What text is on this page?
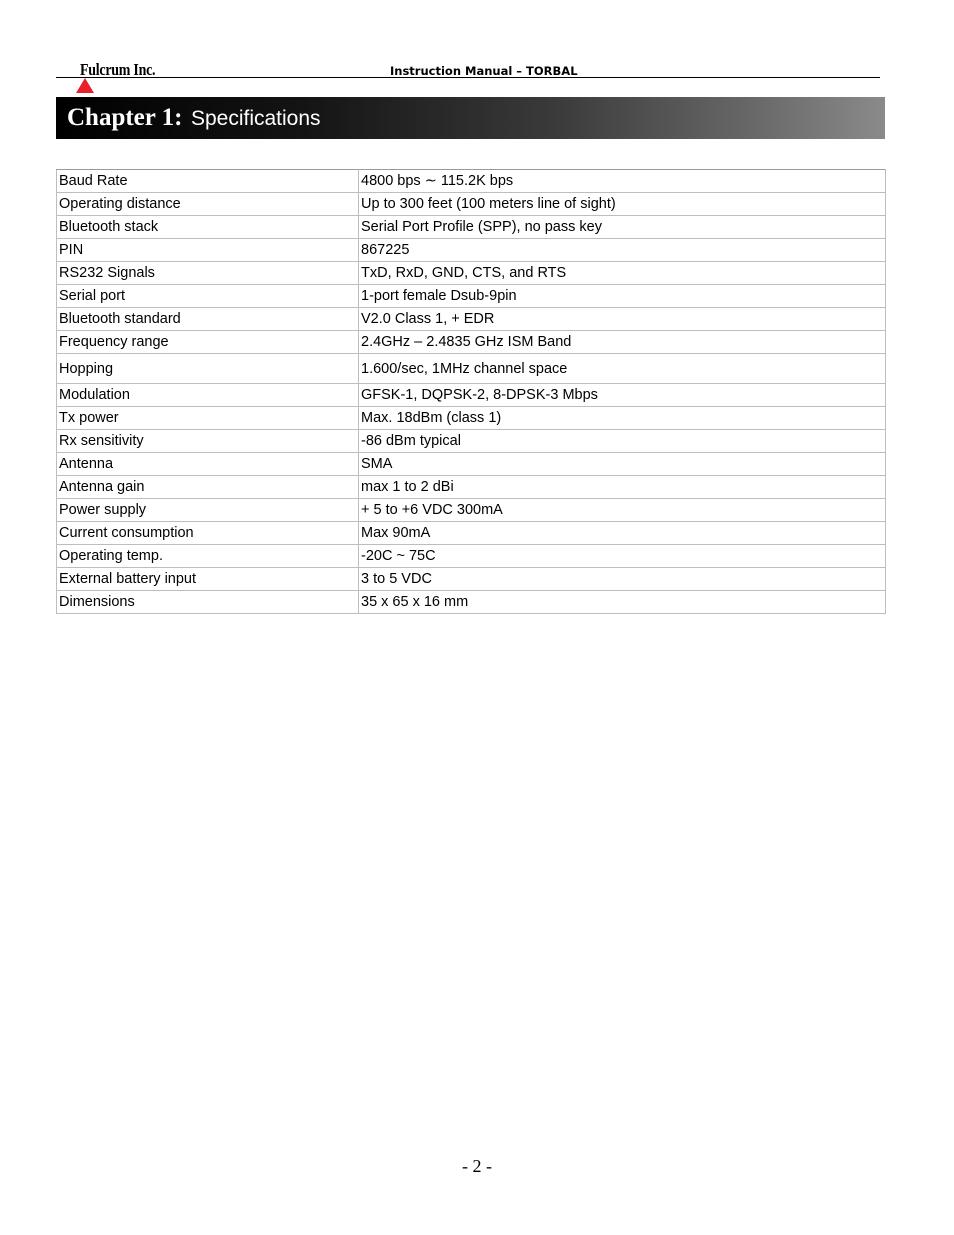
Fulcrum Inc.	Instruction Manual – TORBAL
Chapter 1: Specifications
Baud Rate	4800 bps ∼ 115.2K bps
Operating distance	Up to 300 feet (100 meters line of sight)
Bluetooth stack	Serial Port Profile (SPP), no pass key
PIN	867225
RS232 Signals	TxD, RxD, GND, CTS, and RTS
Serial port	1-port female Dsub-9pin
Bluetooth standard	V2.0 Class 1, + EDR
Frequency range	2.4GHz – 2.4835 GHz ISM Band
Hopping	1.600/sec, 1MHz channel space
Modulation	GFSK-1, DQPSK-2, 8-DPSK-3 Mbps
Tx power	Max. 18dBm (class 1)
Rx sensitivity	-86 dBm typical
Antenna	SMA
Antenna gain	max 1 to 2 dBi
Power supply	+ 5 to +6 VDC 300mA
Current consumption	Max 90mA
Operating temp.	-20C ~ 75C
External battery input	3 to 5 VDC
Dimensions	35 x 65 x 16 mm
- 2 -
